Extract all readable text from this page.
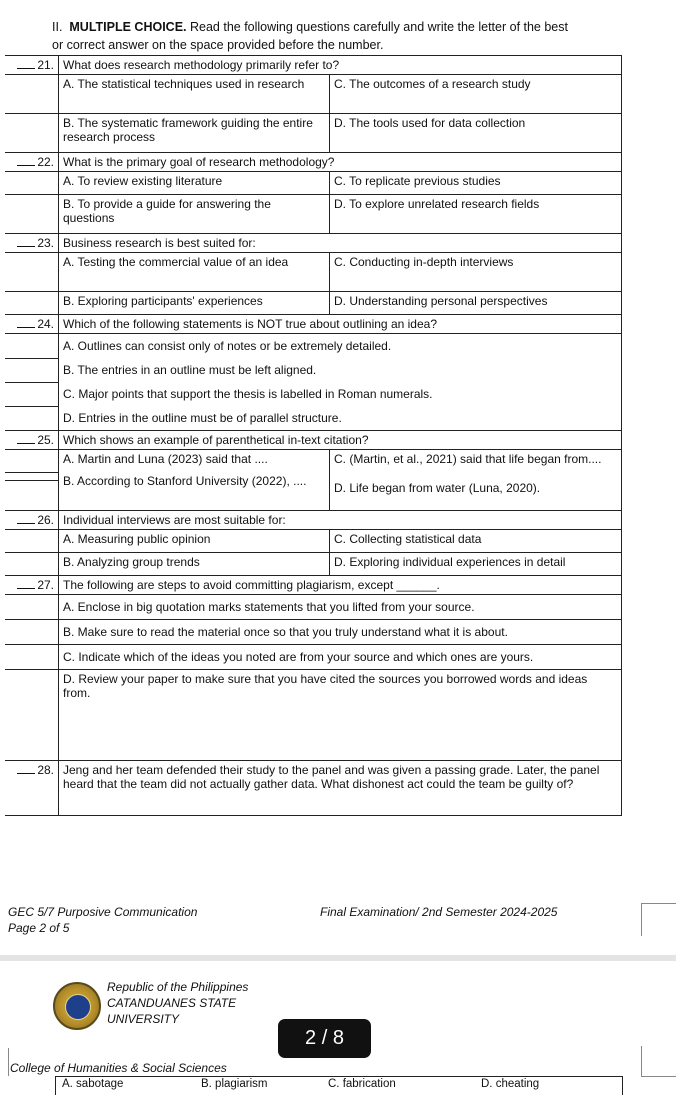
II. MULTIPLE CHOICE. Read the following questions carefully and write the letter of the best
or correct answer on the space provided before the number.
21.	What does research methodology primarily refer to?	
	A. The statistical techniques used in research	C. The outcomes of a research study
	B. The systematic framework guiding the entire research process	D. The tools used for data collection
22.	What is the primary goal of research methodology?	
	A. To review existing literature	C. To replicate previous studies
	B. To provide a guide for answering the questions	D. To explore unrelated research fields
23.	Business research is best suited for:	
	A. Testing the commercial value of an idea	C. Conducting in-depth interviews
	B. Exploring participants' experiences	D. Understanding personal perspectives
24.	Which of the following statements is NOT true about outlining an idea?	
	A. Outlines can consist only of notes or be extremely detailed.	
	B. The entries in an outline must be left aligned.	
	C. Major points that support the thesis is labelled in Roman numerals.	
	D. Entries in the outline must be of parallel structure.	
25.	Which shows an example of parenthetical in-text citation?	
	A. Martin and Luna (2023) said that ....	C. (Martin, et al., 2021) said that life began from....
	B. According to Stanford University (2022), ....	
		D. Life began from water (Luna, 2020).
26.	Individual interviews are most suitable for:	
	A. Measuring public opinion	C. Collecting statistical data
	B. Analyzing group trends	D. Exploring individual experiences in detail
27.	The following are steps to avoid committing plagiarism, except ______.	
	A. Enclose in big quotation marks statements that you lifted from your source.	
	B. Make sure to read the material once so that you truly understand what it is about.	
	C. Indicate which of the ideas you noted are from your source and which ones are yours.	
	D. Review your paper to make sure that you have cited the sources you borrowed words and ideas from.	
28.	Jeng and her team defended their study to the panel and was given a passing grade. Later, the panel heard that the team did not actually gather data. What dishonest act could the team be guilty of?	
GEC 5/7 Purposive Communication	Final Examination/ 2nd Semester 2024-2025
Page 2 of 5
Republic of the Philippines
CATANDUANES STATE
UNIVERSITY
2 / 8
College of Humanities & Social Sciences
A. sabotage	B. plagiarism	C. fabrication	D. cheating
